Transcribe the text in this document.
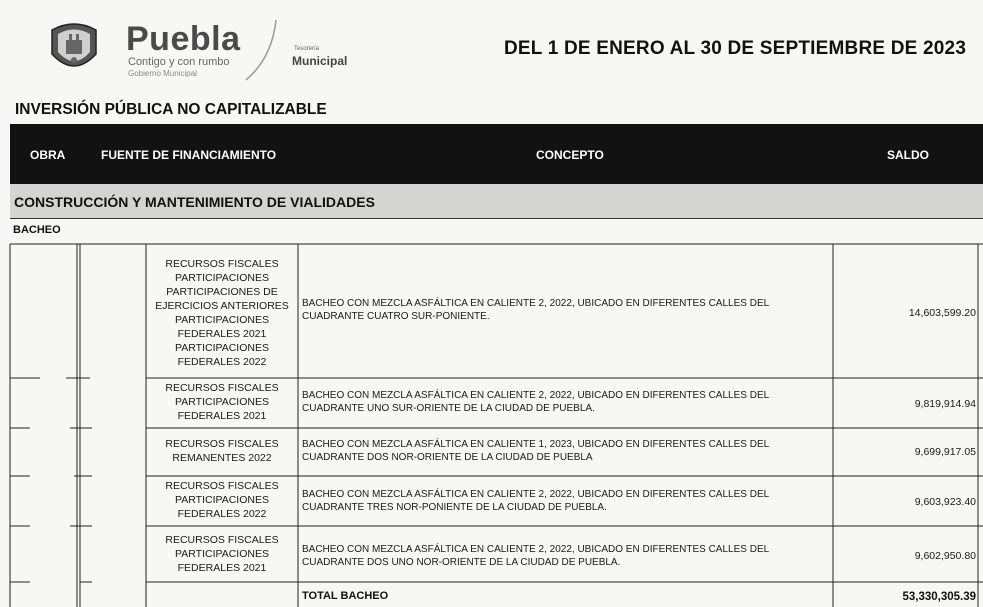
Puebla
Contigo y con rumbo
Gobierno Municipal
Tesorería
Municipal
DEL 1 DE ENERO AL 30 DE SEPTIEMBRE DE 2023
INVERSIÓN PÚBLICA NO CAPITALIZABLE
OBRA	FUENTE DE FINANCIAMIENTO	CONCEPTO	SALDO
CONSTRUCCIÓN Y MANTENIMIENTO DE VIALIDADES
BACHEO
RECURSOS FISCALES
PARTICIPACIONES
PARTICIPACIONES DE
EJERCICIOS ANTERIORES
PARTICIPACIONES
FEDERALES 2021
PARTICIPACIONES
FEDERALES 2022
BACHEO CON MEZCLA ASFÁLTICA EN CALIENTE 2, 2022, UBICADO EN DIFERENTES CALLES DEL
CUADRANTE CUATRO SUR-PONIENTE.	14,603,599.20
RECURSOS FISCALES
PARTICIPACIONES
FEDERALES 2021
BACHEO CON MEZCLA ASFÁLTICA EN CALIENTE 2, 2022, UBICADO EN DIFERENTES CALLES DEL
CUADRANTE UNO SUR-ORIENTE DE LA CIUDAD DE PUEBLA.	9,819,914.94
RECURSOS FISCALES
REMANENTES 2022
BACHEO CON MEZCLA ASFÁLTICA EN CALIENTE 1, 2023, UBICADO EN DIFERENTES CALLES DEL
CUADRANTE DOS NOR-ORIENTE DE LA CIUDAD DE PUEBLA	9,699,917.05
RECURSOS FISCALES
PARTICIPACIONES
FEDERALES 2022
BACHEO CON MEZCLA ASFÁLTICA EN CALIENTE 2, 2022, UBICADO EN DIFERENTES CALLES DEL
CUADRANTE TRES NOR-PONIENTE DE LA CIUDAD DE PUEBLA.	9,603,923.40
RECURSOS FISCALES
PARTICIPACIONES
FEDERALES 2021
BACHEO CON MEZCLA ASFÁLTICA EN CALIENTE 2, 2022, UBICADO EN DIFERENTES CALLES DEL
CUADRANTE DOS UNO NOR-ORIENTE DE LA CIUDAD DE PUEBLA.
9,602,950.80
TOTAL BACHEO	53,330,305.39
